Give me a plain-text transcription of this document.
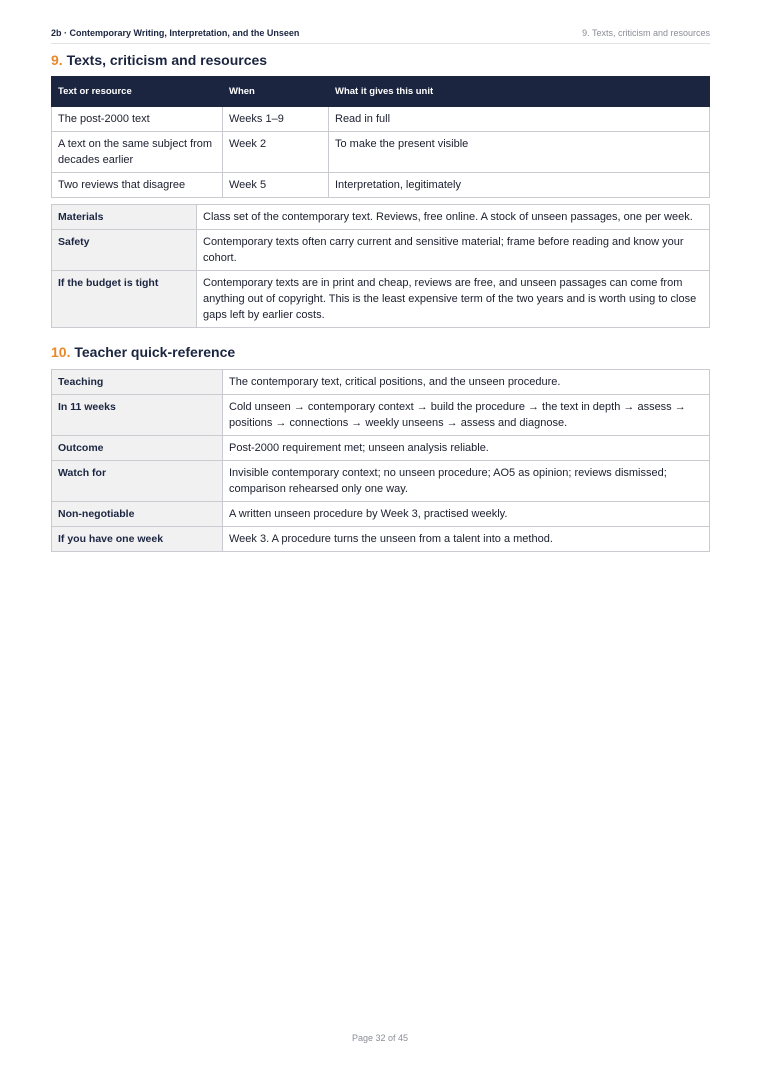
2b · Contemporary Writing, Interpretation, and the Unseen	9. Texts, criticism and resources
9. Texts, criticism and resources
Text or resource	When	What it gives this unit
The post-2000 text	Weeks 1–9	Read in full
A text on the same subject from decades earlier	Week 2	To make the present visible
Two reviews that disagree	Week 5	Interpretation, legitimately
Materials	Class set of the contemporary text. Reviews, free online. A stock of unseen passages, one per week.
Safety	Contemporary texts often carry current and sensitive material; frame before reading and know your cohort.
If the budget is tight	Contemporary texts are in print and cheap, reviews are free, and unseen passages can come from anything out of copyright. This is the least expensive term of the two years and is worth using to close gaps left by earlier costs.
10. Teacher quick-reference
Teaching	The contemporary text, critical positions, and the unseen procedure.
In 11 weeks	Cold unseen → contemporary context → build the procedure → the text in depth → assess → positions → connections → weekly unseens → assess and diagnose.
Outcome	Post-2000 requirement met; unseen analysis reliable.
Watch for	Invisible contemporary context; no unseen procedure; AO5 as opinion; reviews dismissed; comparison rehearsed only one way.
Non-negotiable	A written unseen procedure by Week 3, practised weekly.
If you have one week	Week 3. A procedure turns the unseen from a talent into a method.
Page 32 of 45
